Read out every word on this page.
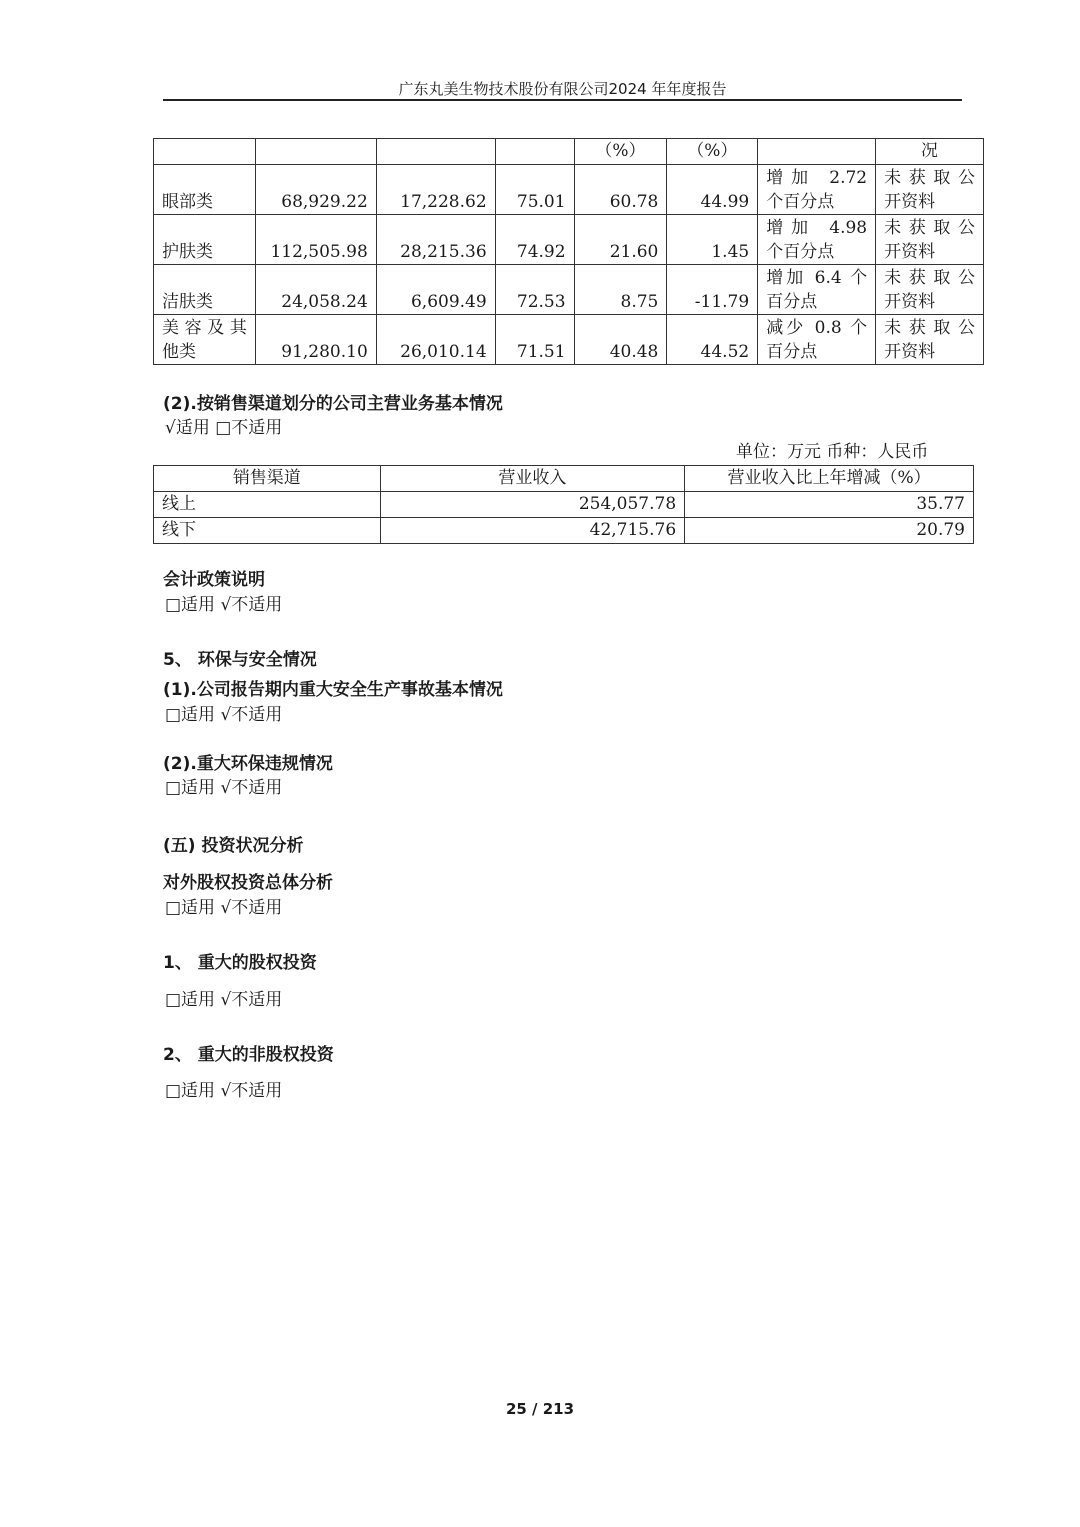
广东丸美生物技术股份有限公司2024 年年度报告
				（%）	（%）		况
眼部类	68,929.22	17,228.62	75.01	60.78	44.99	增加 2.72
个百分点	未获取公
开资料

护肤类	112,505.98	28,215.36	74.92	21.60	1.45	增加 4.98
个百分点	未获取公
开资料

洁肤类	24,058.24	6,609.49	72.53	8.75	-11.79	增加 6.4 个
百分点	未获取公
开资料

美容及其
他类	91,280.10	26,010.14	71.51	40.48	44.52	减少 0.8 个
百分点	未获取公
开资料
(2).按销售渠道划分的公司主营业务基本情况
√适用 □不适用
单位：万元 币种：人民币
销售渠道	营业收入	营业收入比上年增减（%）
线上	254,057.78	35.77
线下	42,715.76	20.79
会计政策说明
□适用 √不适用
5、 环保与安全情况
(1).公司报告期内重大安全生产事故基本情况
□适用 √不适用
(2).重大环保违规情况
□适用 √不适用
(五) 投资状况分析
对外股权投资总体分析
□适用 √不适用
1、 重大的股权投资
□适用 √不适用
2、 重大的非股权投资
□适用 √不适用
25 / 213
